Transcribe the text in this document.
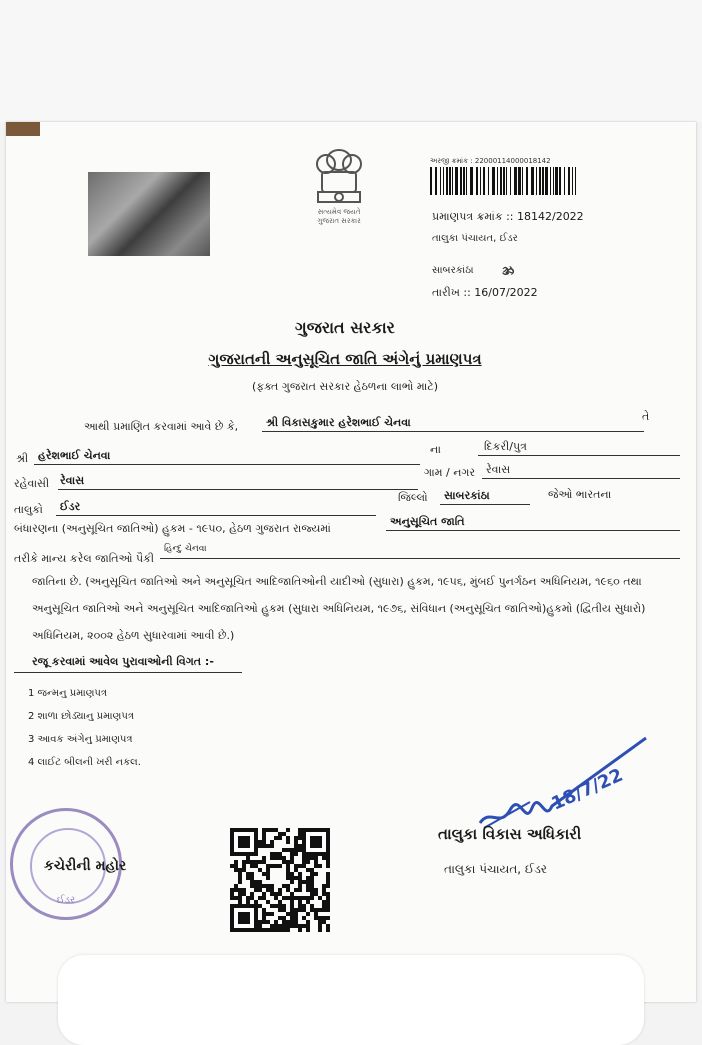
સત્યમેવ જયતે
ગુજરાત સરકાર
અરજી ક્રમાંક : 22000114000018142
પ્રમાણપત્ર ક્રમાંક :: 18142/2022
તાલુકા પંચાયત, ઈડર
સાબરકાંઠા ઝ્રૂ
તારીખ :: 16/07/2022
ગુજરાત સરકાર
ગુજરાતની અનુસૂચિત જાતિ અંગેનું પ્રમાણપત્ર
(ફક્ત ગુજરાત સરકાર હેઠળના લાભો માટે)
આથી પ્રમાણિત કરવામાં આવે છે કે,	શ્રી વિકાસકુમાર હરેશભાઈ ચેનવા	તે
શ્રી હરેશભાઈ ચેનવા	ના	દિકરી/પુત્ર
રહેવાસી રેવાસ
ગામ / નગર રેવાસ
તાલુકો ઈડર
જિલ્લો સાબરકાંઠા	જેઓ ભારતના
બંધારણના (અનુસૂચિત જાતિઓ) હુકમ - ૧૯૫૦, હેઠળ ગુજરાત રાજ્યમાં
અનુસૂચિત જાતિ
તરીકે માન્ય કરેલ જાતિઓ પૈકી
હિન્દુ ચેનવા
જાતિના છે. (અનુસૂચિત જાતિઓ અને અનુસૂચિત આદિજાતિઓની યાદીઓ (સુધારા) હુકમ, ૧૯૫૬, મુંબઈ પુનર્ગઠન અધિનિયમ, ૧૯૬૦ તથા
અનુસૂચિત જાતિઓ અને અનુસૂચિત આદિજાતિઓ હુકમ (સુધારા અધિનિયમ, ૧૯૭૬, સંવિધાન (અનુસૂચિત જાતિઓ)હુકમો (દ્વિતીય સુધારો)
અધિનિયમ, ૨૦૦૨ હેઠળ સુધારવામાં આવી છે.)
રજૂ કરવામાં આવેલ પુરાવાઓની વિગત :-
1 જન્મનુ પ્રમાણપત્ર
2 શાળા છોડ્યાનુ પ્રમાણપત્ર
3 આવક અંગેનુ પ્રમાણપત્ર
4 લાઈટ બીલની ખરી નકલ.
ઈડર
કચેરીની મહોર
18/7/22
તાલુકા વિકાસ અધિકારી
તાલુકા પંચાયત, ઈડર
